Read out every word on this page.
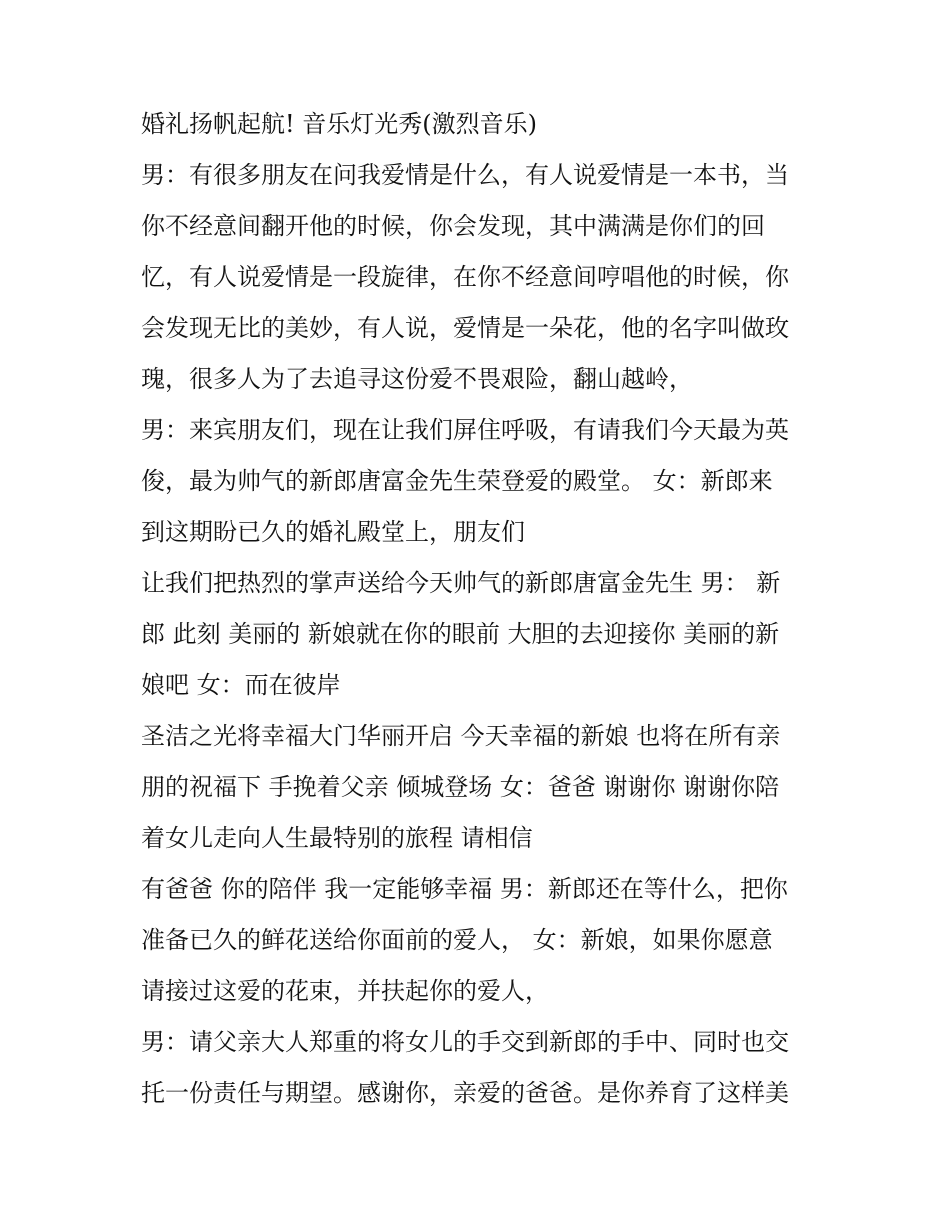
婚礼扬帆起航! 音乐灯光秀(激烈音乐)
男：有很多朋友在问我爱情是什么，有人说爱情是一本书，当
你不经意间翻开他的时候，你会发现，其中满满是你们的回
忆，有人说爱情是一段旋律，在你不经意间哼唱他的时候，你
会发现无比的美妙，有人说，爱情是一朵花，他的名字叫做玫
瑰，很多人为了去追寻这份爱不畏艰险，翻山越岭，
男：来宾朋友们，现在让我们屏住呼吸，有请我们今天最为英
俊，最为帅气的新郎唐富金先生荣登爱的殿堂。 女：新郎来
到这期盼已久的婚礼殿堂上，朋友们
让我们把热烈的掌声送给今天帅气的新郎唐富金先生 男： 新
郎 此刻 美丽的 新娘就在你的眼前 大胆的去迎接你 美丽的新
娘吧 女：而在彼岸
圣洁之光将幸福大门华丽开启 今天幸福的新娘 也将在所有亲
朋的祝福下 手挽着父亲 倾城登场 女：爸爸 谢谢你 谢谢你陪
着女儿走向人生最特别的旅程 请相信
有爸爸 你的陪伴 我一定能够幸福 男：新郎还在等什么，把你
准备已久的鲜花送给你面前的爱人， 女：新娘，如果你愿意
请接过这爱的花束，并扶起你的爱人，
男：请父亲大人郑重的将女儿的手交到新郎的手中、同时也交
托一份责任与期望。感谢你，亲爱的爸爸。是你养育了这样美
